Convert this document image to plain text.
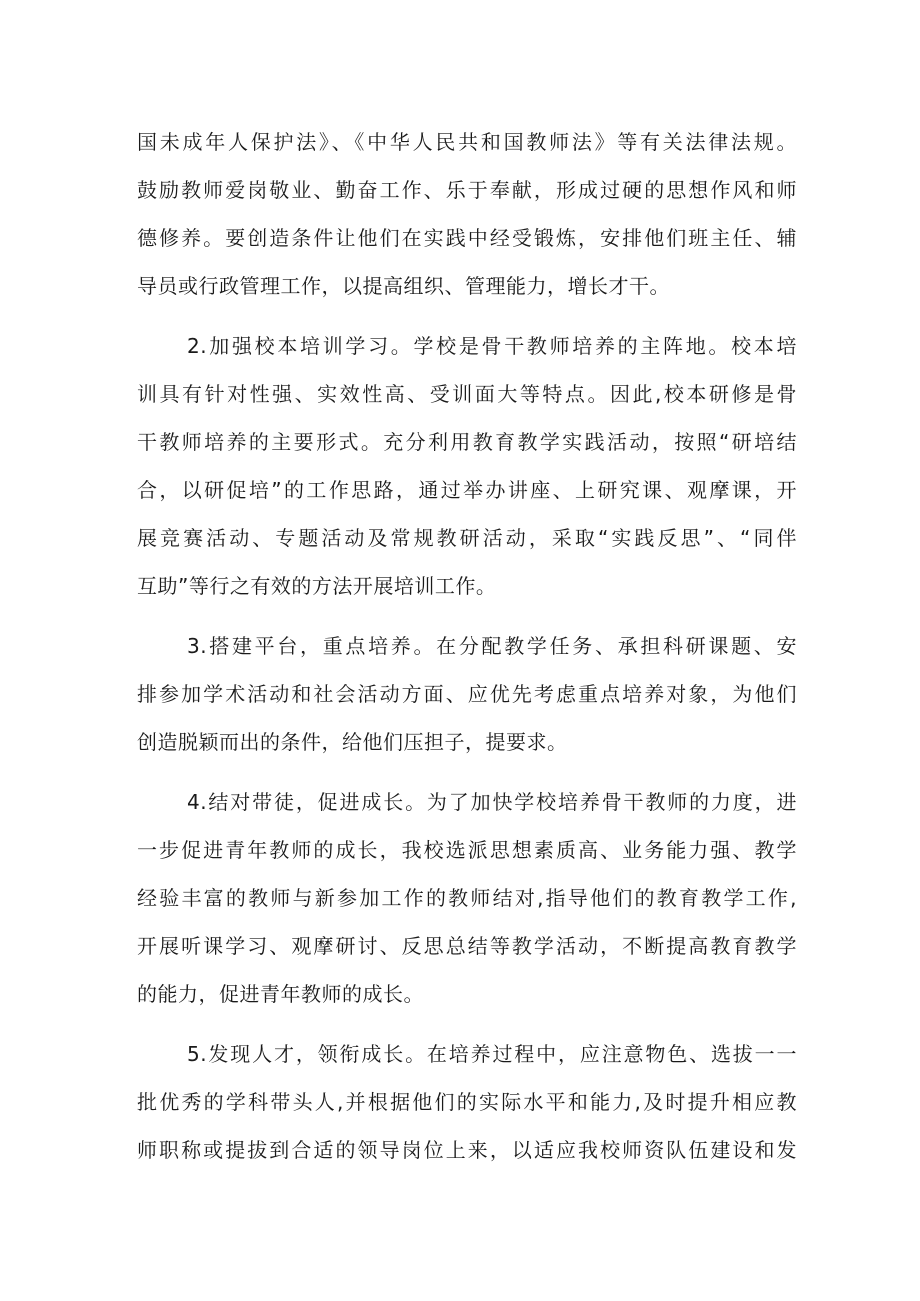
国未成年人保护法》、《中华人民共和国教师法》等有关法律法规。
鼓励教师爱岗敬业、勤奋工作、乐于奉献，形成过硬的思想作风和师
德修养。要创造条件让他们在实践中经受锻炼，安排他们班主任、辅
导员或行政管理工作，以提高组织、管理能力，增长才干。
2.加强校本培训学习。学校是骨干教师培养的主阵地。校本培
训具有针对性强、实效性高、受训面大等特点。因此,校本研修是骨
干教师培养的主要形式。充分利用教育教学实践活动，按照“研培结
合，以研促培”的工作思路，通过举办讲座、上研究课、观摩课，开
展竞赛活动、专题活动及常规教研活动，采取“实践反思”、“同伴
互助”等行之有效的方法开展培训工作。
3.搭建平台，重点培养。在分配教学任务、承担科研课题、安
排参加学术活动和社会活动方面、应优先考虑重点培养对象，为他们
创造脱颖而出的条件，给他们压担子，提要求。
4.结对带徒，促进成长。为了加快学校培养骨干教师的力度，进
一步促进青年教师的成长，我校选派思想素质高、业务能力强、教学
经验丰富的教师与新参加工作的教师结对,指导他们的教育教学工作,
开展听课学习、观摩研讨、反思总结等教学活动，不断提高教育教学
的能力，促进青年教师的成长。
5.发现人才，领衔成长。在培养过程中，应注意物色、选拔一一
批优秀的学科带头人,并根据他们的实际水平和能力,及时提升相应教
师职称或提拔到合适的领导岗位上来，以适应我校师资队伍建设和发
